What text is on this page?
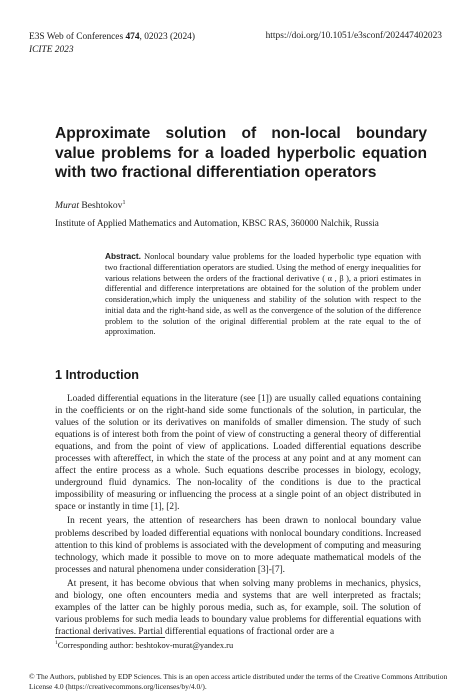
E3S Web of Conferences 474, 02023 (2024)
ICITE 2023
https://doi.org/10.1051/e3sconf/202447402023
Approximate solution of non-local boundary value problems for a loaded hyperbolic equation with two fractional differentiation operators
Murat Beshtokov$^1$
Institute of Applied Mathematics and Automation, KBSC RAS, 360000 Nalchik, Russia

Abstract. Nonlocal boundary value problems for the loaded hyperbolic type equation with two fractional differentiation operators are studied. Using the method of energy inequalities for various relations between the orders of the fractional derivative ( α , β ), a priori estimates in differential and difference interpretations are obtained for the solution of the problem under consideration,which imply the uniqueness and stability of the solution with respect to the initial data and the right-hand side, as well as the convergence of the solution of the difference problem to the solution of the original differential problem at the rate equal to the of approximation.

1 Introduction

Loaded differential equations in the literature (see [1]) are usually called equations containing in the coefficients or on the right-hand side some functionals of the solution, in particular, the values of the solution or its derivatives on manifolds of smaller dimension. The study of such equations is of interest both from the point of view of constructing a general theory of differential equations, and from the point of view of applications. Loaded differential equations describe processes with aftereffect, in which the state of the process at any point and at any moment can affect the entire process as a whole. Such equations describe processes in biology, ecology, underground fluid dynamics. The non-locality of the conditions is due to the practical impossibility of measuring or influencing the process at a single point of an object distributed in space or instantly in time [1], [2].

In recent years, the attention of researchers has been drawn to nonlocal boundary value problems described by loaded differential equations with nonlocal boundary conditions. Increased attention to this kind of problems is associated with the development of computing and measuring technology, which made it possible to move on to more adequate mathematical models of the processes and natural phenomena under consideration [3]-[7].

At present, it has become obvious that when solving many problems in mechanics, physics, and biology, one often encounters media and systems that are well interpreted as fractals; examples of the latter can be highly porous media, such as, for example, soil. The solution of various problems for such media leads to boundary value problems for differential equations with fractional derivatives. Partial differential equations of fractional order are a

$^1$Corresponding author: beshtokov-murat@yandex.ru
© The Authors, published by EDP Sciences. This is an open access article distributed under the terms of the Creative Commons Attribution License 4.0 (https://creativecommons.org/licenses/by/4.0/).
